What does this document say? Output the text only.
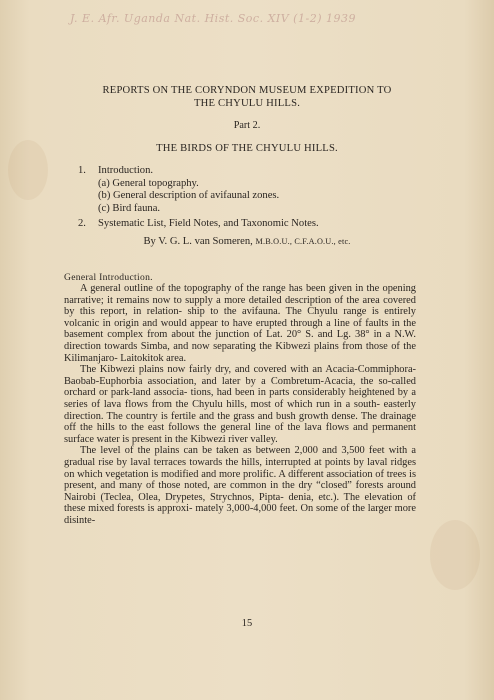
J. E. Afr. Uganda Nat. Hist. Soc. XIV (1-2) 1939
REPORTS ON THE CORYNDON MUSEUM EXPEDITION TO
THE CHYULU HILLS.
Part 2.
THE BIRDS OF THE CHYULU HILLS.
1.	Introduction.
(a) General topography.
(b) General description of avifaunal zones.
(c) Bird fauna.
2.	Systematic List, Field Notes, and Taxonomic Notes.
By V. G. L. van Someren, M.B.O.U., C.F.A.O.U., etc.
General Introduction.

A general outline of the topography of the range has been given in the opening narrative; it remains now to supply a more detailed description of the area covered by this report, in relation- ship to the avifauna. The Chyulu range is entirely volcanic in origin and would appear to have erupted through a line of faults in the basement complex from about the junction of Lat. 20° S. and Lg. 38° in a N.W. direction towards Simba, and now separating the Kibwezi plains from those of the Kilimanjaro- Laitokitok area.

The Kibwezi plains now fairly dry, and covered with an Acacia-Commiphora-Baobab-Euphorbia association, and later by a Combretum-Acacia, the so-called orchard or park-land associa- tions, had been in parts considerably heightened by a series of lava flows from the Chyulu hills, most of which run in a south- easterly direction. The country is fertile and the grass and bush growth dense. The drainage off the hills to the east follows the general line of the lava flows and permanent surface water is present in the Kibwezi river valley.

The level of the plains can be taken as between 2,000 and 3,500 feet with a gradual rise by laval terraces towards the hills, interrupted at points by laval ridges on which vegetation is modified and more prolific. A different association of trees is present, and many of those noted, are common in the dry “closed” forests around Nairobi (Teclea, Olea, Drypetes, Strychnos, Pipta- denia, etc.). The elevation of these mixed forests is approxi- mately 3,000-4,000 feet. On some of the larger more disinte-

15
